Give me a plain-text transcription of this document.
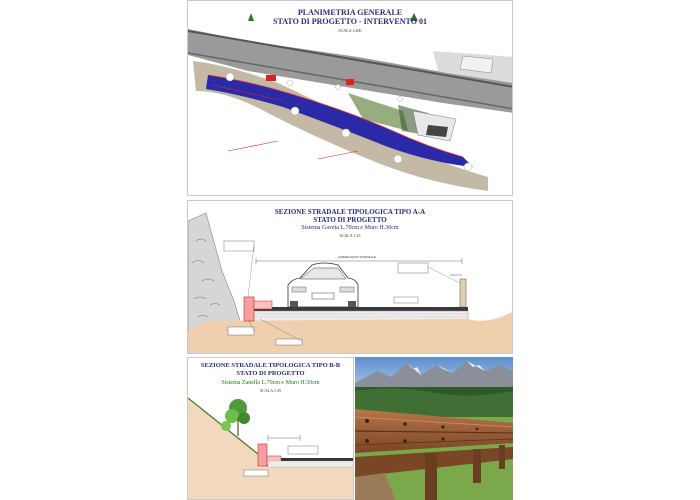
PLANIMETRIA GENERALE
STATO DI PROGETTO - INTERVENTO 01
SCALA 1:200
SEZIONE STRADALE TIPOLOGICA TIPO A-A
STATO DI PROGETTO
Sistema Gaveta L.70cm e Muro H.30cm
SCALA 1:25
CARREGGIATA STRADALE
SEZIONE STRADALE TIPOLOGICA TIPO B-B
STATO DI PROGETTO
Sistema Zanella L.70cm e Muro H.50cm
SCALA 1:25
